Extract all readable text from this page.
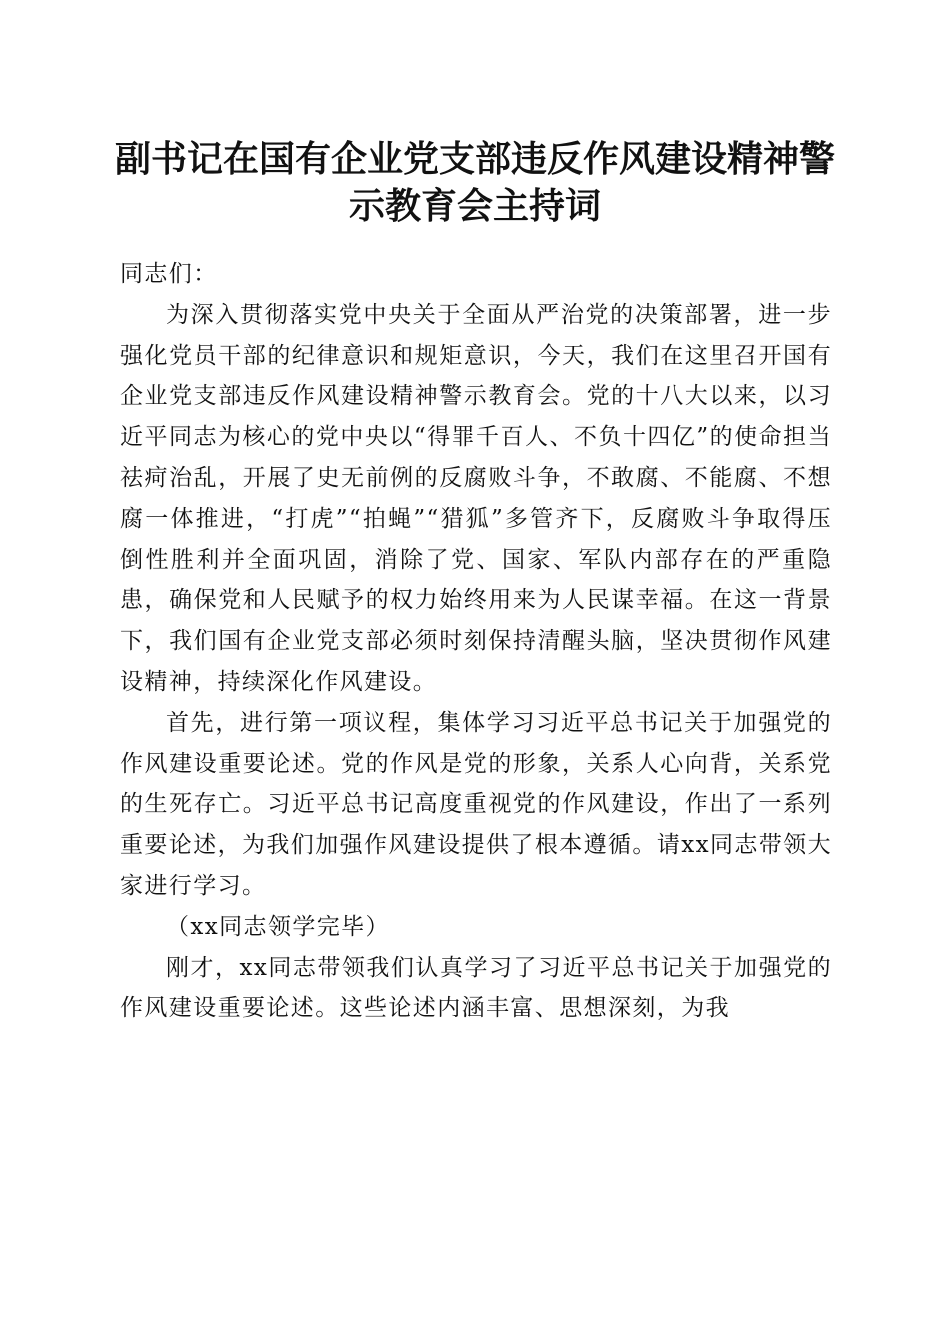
副书记在国有企业党支部违反作风建设精神警
示教育会主持词

同志们：

为深入贯彻落实党中央关于全面从严治党的决策部署，进一步强化党员干部的纪律意识和规矩意识，今天，我们在这里召开国有企业党支部违反作风建设精神警示教育会。党的十八大以来，以习近平同志为核心的党中央以“得罪千百人、不负十四亿”的使命担当祛疴治乱，开展了史无前例的反腐败斗争，不敢腐、不能腐、不想腐一体推进，“打虎”“拍蝇”“猎狐”多管齐下，反腐败斗争取得压倒性胜利并全面巩固，消除了党、国家、军队内部存在的严重隐患，确保党和人民赋予的权力始终用来为人民谋幸福。在这一背景下，我们国有企业党支部必须时刻保持清醒头脑，坚决贯彻作风建设精神，持续深化作风建设。

首先，进行第一项议程，集体学习习近平总书记关于加强党的作风建设重要论述。党的作风是党的形象，关系人心向背，关系党的生死存亡。习近平总书记高度重视党的作风建设，作出了一系列重要论述，为我们加强作风建设提供了根本遵循。请xx同志带领大家进行学习。

（xx同志领学完毕）

刚才，xx同志带领我们认真学习了习近平总书记关于加强党的作风建设重要论述。这些论述内涵丰富、思想深刻，为我
